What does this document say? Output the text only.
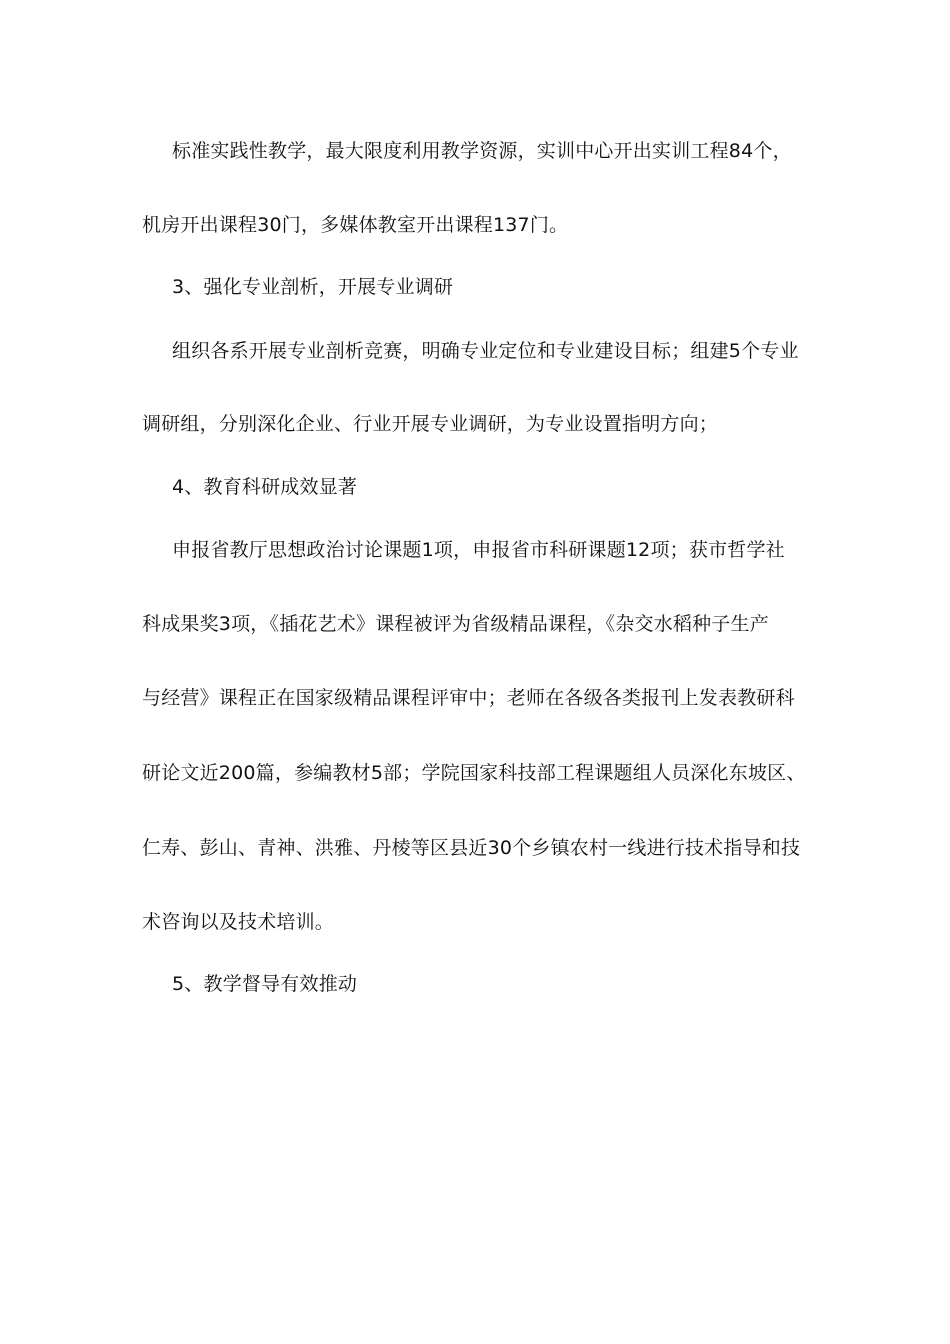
标准实践性教学，最大限度利用教学资源，实训中心开出实训工程84个，
机房开出课程30门，多媒体教室开出课程137门。
3、强化专业剖析，开展专业调研
组织各系开展专业剖析竞赛，明确专业定位和专业建设目标；组建5个专业
调研组，分别深化企业、行业开展专业调研，为专业设置指明方向；
4、教育科研成效显著
申报省教厅思想政治讨论课题1项，申报省市科研课题12项；获市哲学社
科成果奖3项，《插花艺术》课程被评为省级精品课程，《杂交水稻种子生产
与经营》课程正在国家级精品课程评审中；老师在各级各类报刊上发表教研科
研论文近200篇，参编教材5部；学院国家科技部工程课题组人员深化东坡区、
仁寿、彭山、青神、洪雅、丹棱等区县近30个乡镇农村一线进行技术指导和技
术咨询以及技术培训。
5、教学督导有效推动
